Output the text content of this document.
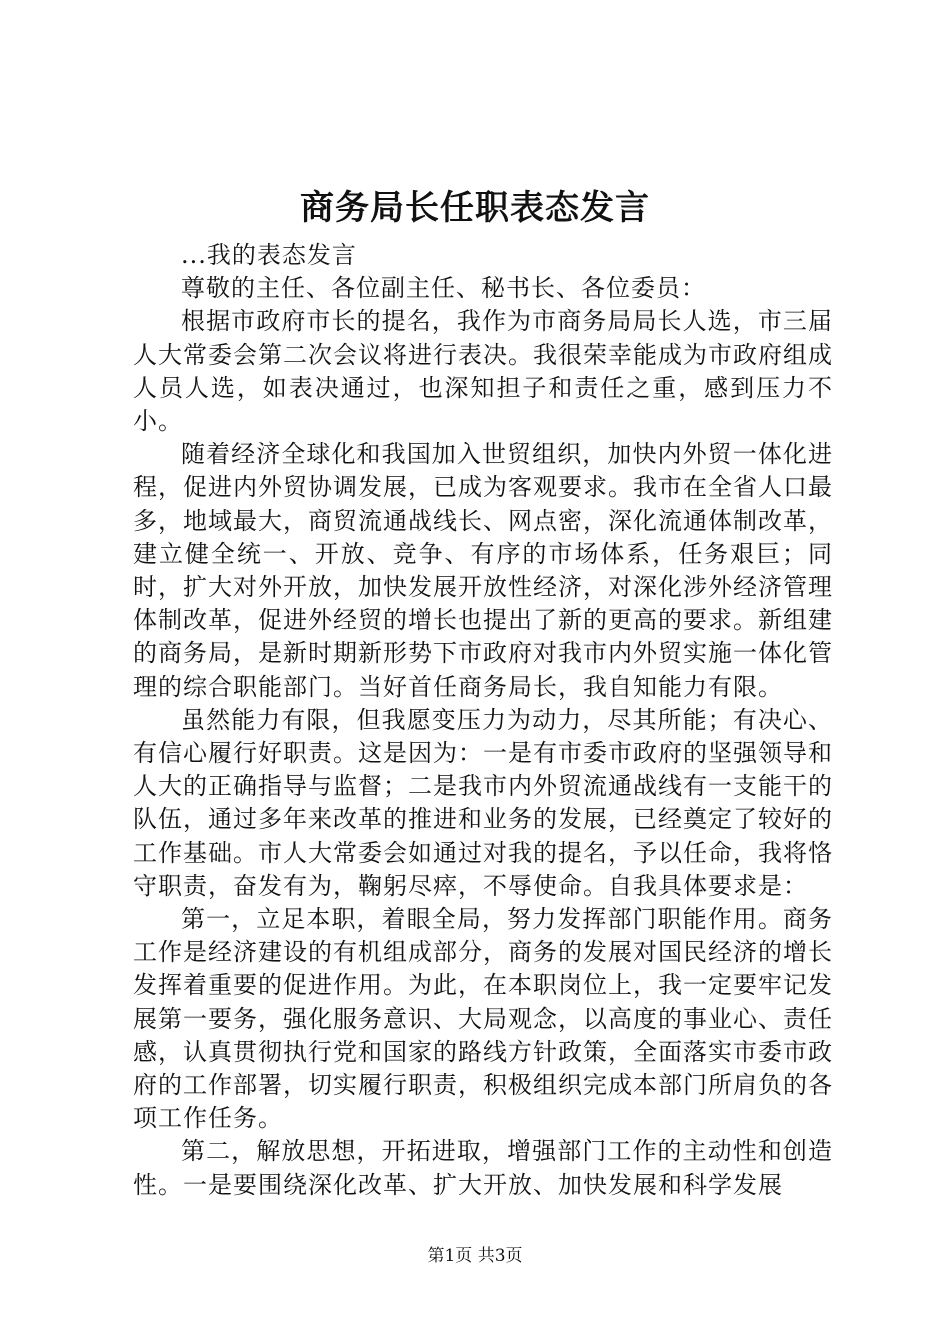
商务局长任职表态发言

...我的表态发言

尊敬的主任、各位副主任、秘书长、各位委员：

根据市政府市长的提名，我作为市商务局局长人选，市三届人大常委会第二次会议将进行表决。我很荣幸能成为市政府组成人员人选，如表决通过，也深知担子和责任之重，感到压力不小。

随着经济全球化和我国加入世贸组织，加快内外贸一体化进程，促进内外贸协调发展，已成为客观要求。我市在全省人口最多，地域最大，商贸流通战线长、网点密，深化流通体制改革，建立健全统一、开放、竞争、有序的市场体系，任务艰巨；同时，扩大对外开放，加快发展开放性经济，对深化涉外经济管理体制改革，促进外经贸的增长也提出了新的更高的要求。新组建的商务局，是新时期新形势下市政府对我市内外贸实施一体化管理的综合职能部门。当好首任商务局长，我自知能力有限。

虽然能力有限，但我愿变压力为动力，尽其所能；有决心、有信心履行好职责。这是因为：一是有市委市政府的坚强领导和人大的正确指导与监督；二是我市内外贸流通战线有一支能干的队伍，通过多年来改革的推进和业务的发展，已经奠定了较好的工作基础。市人大常委会如通过对我的提名，予以任命，我将恪守职责，奋发有为，鞠躬尽瘁，不辱使命。自我具体要求是：

第一，立足本职，着眼全局，努力发挥部门职能作用。商务工作是经济建设的有机组成部分，商务的发展对国民经济的增长发挥着重要的促进作用。为此，在本职岗位上，我一定要牢记发展第一要务，强化服务意识、大局观念，以高度的事业心、责任感，认真贯彻执行党和国家的路线方针政策，全面落实市委市政府的工作部署，切实履行职责，积极组织完成本部门所肩负的各项工作任务。

第二，解放思想，开拓进取，增强部门工作的主动性和创造性。一是要围绕深化改革、扩大开放、加快发展和科学发展

第1页 共3页
